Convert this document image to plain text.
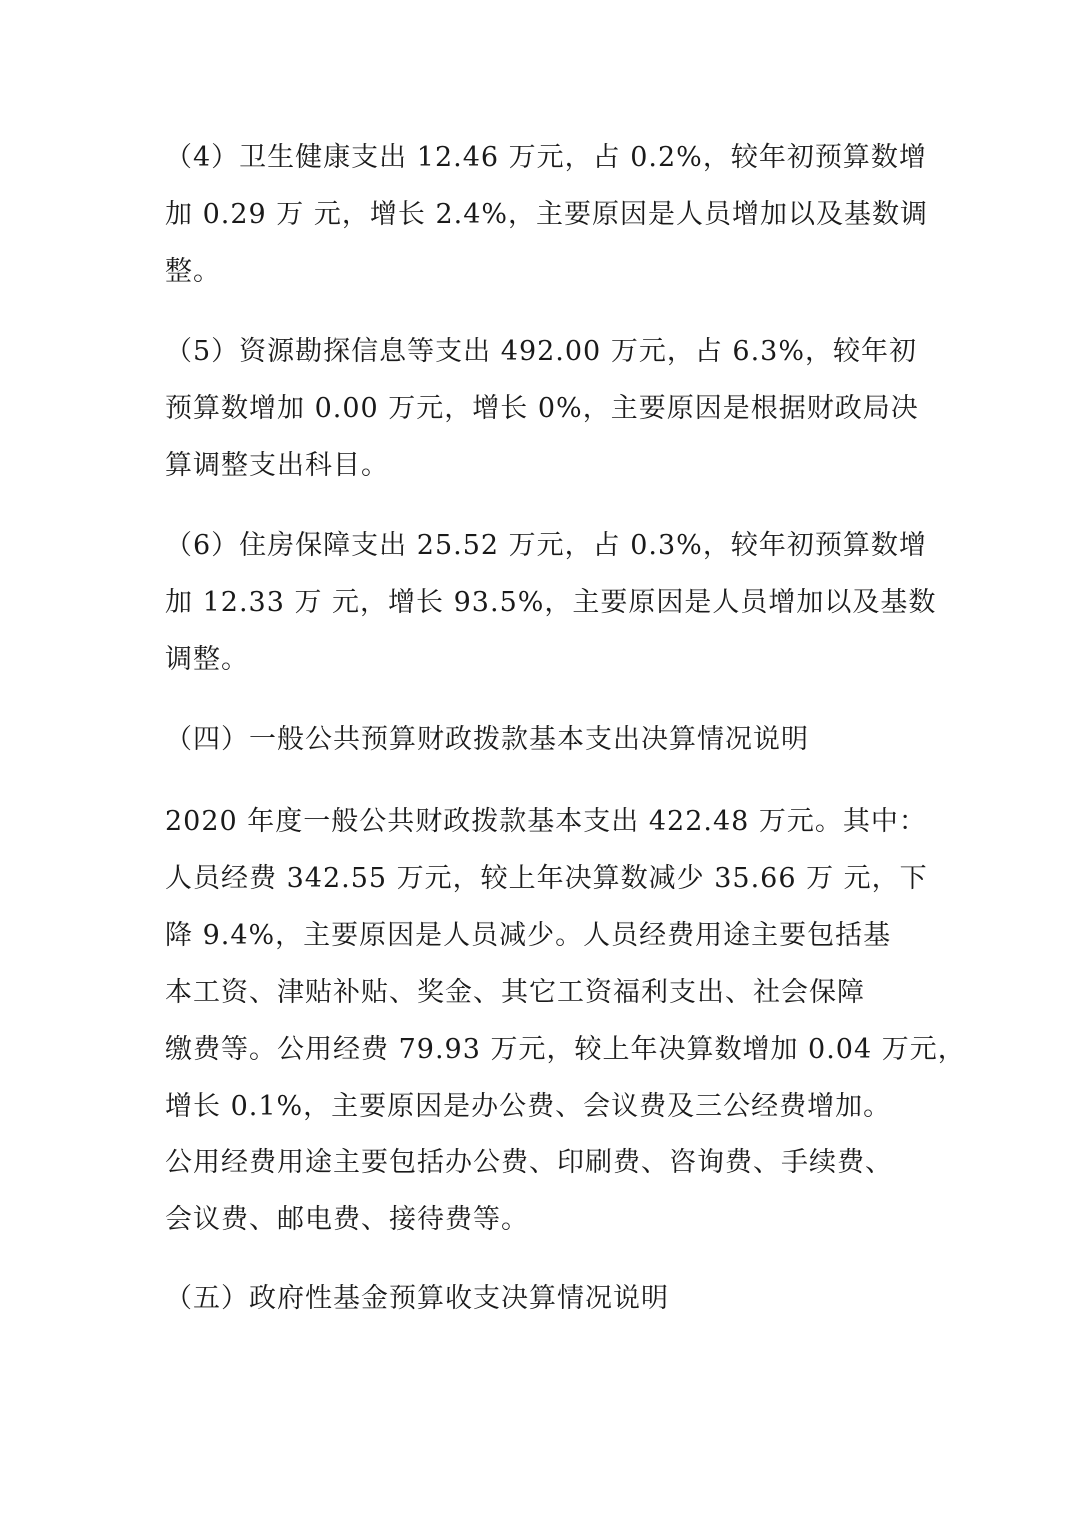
（4）卫生健康支出 12.46 万元，占 0.2%，较年初预算数增
加 0.29 万 元，增长 2.4%，主要原因是人员增加以及基数调
整。
（5）资源勘探信息等支出 492.00 万元，占 6.3%，较年初
预算数增加 0.00 万元，增长 0%，主要原因是根据财政局决
算调整支出科目。
（6）住房保障支出 25.52 万元，占 0.3%，较年初预算数增
加 12.33 万 元，增长 93.5%，主要原因是人员增加以及基数
调整。
（四）一般公共预算财政拨款基本支出决算情况说明
2020 年度一般公共财政拨款基本支出 422.48 万元。其中：
人员经费 342.55 万元，较上年决算数减少 35.66 万 元，下
降 9.4%，主要原因是人员减少。人员经费用途主要包括基
本工资、津贴补贴、奖金、其它工资福利支出、社会保障
缴费等。公用经费 79.93 万元，较上年决算数增加 0.04 万元，
增长 0.1%，主要原因是办公费、会议费及三公经费增加。
公用经费用途主要包括办公费、印刷费、咨询费、手续费、
会议费、邮电费、接待费等。
（五）政府性基金预算收支决算情况说明
